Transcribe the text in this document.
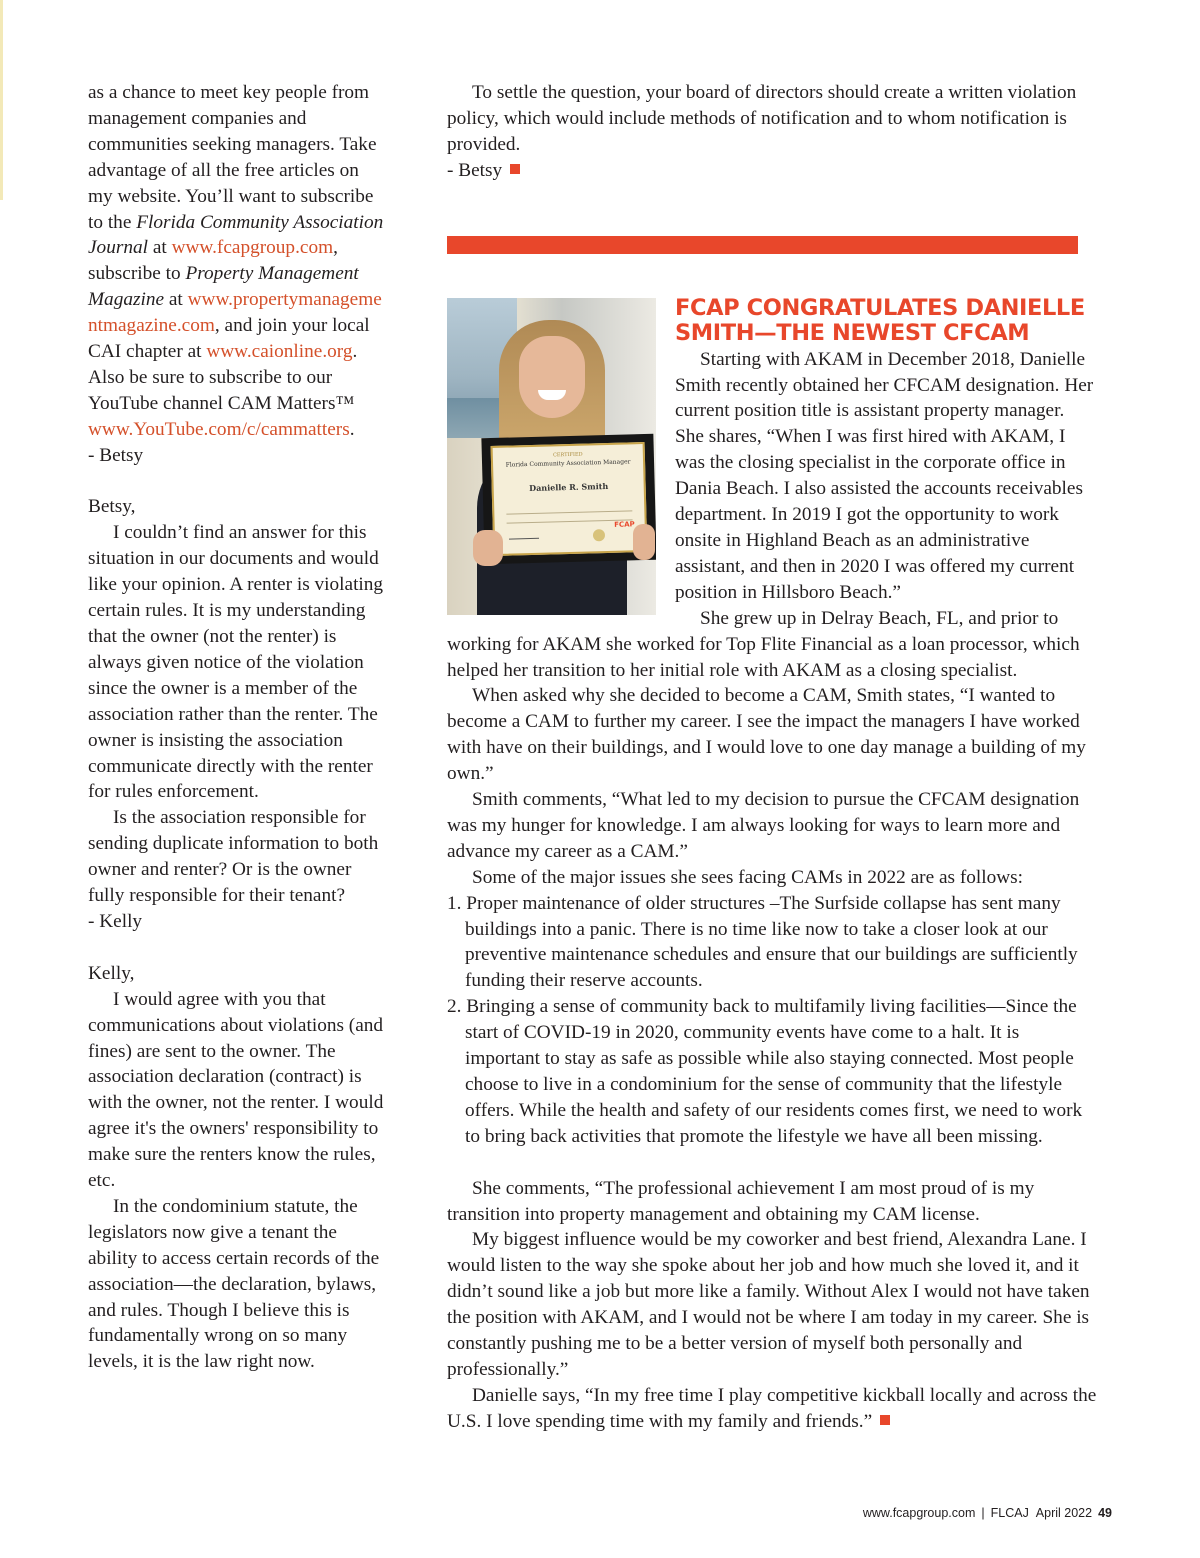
as a chance to meet key people from management companies and communities seeking managers. Take advantage of all the free articles on my website. You’ll want to subscribe to the Florida Community Association Journal at www.fcapgroup.com, subscribe to Property Management Magazine at www.propertymanagementmagazine.com, and join your local CAI chapter at www.caionline.org. Also be sure to subscribe to our YouTube channel CAM Matters™ www.YouTube.com/c/cammatters.

- Betsy

Betsy,

I couldn’t find an answer for this situation in our documents and would like your opinion. A renter is violating certain rules. It is my understanding that the owner (not the renter) is always given notice of the violation since the owner is a member of the association rather than the renter. The owner is insisting the association communicate directly with the renter for rules enforcement.

Is the association responsible for sending duplicate information to both owner and renter? Or is the owner fully responsible for their tenant?

- Kelly

Kelly,

I would agree with you that communications about violations (and fines) are sent to the owner. The association declaration (contract) is with the owner, not the renter. I would agree it's the owners' responsibility to make sure the renters know the rules, etc.

In the condominium statute, the legislators now give a tenant the ability to access certain records of the association—the declaration, bylaws, and rules. Though I believe this is fundamentally wrong on so many levels, it is the law right now.

To settle the question, your board of directors should create a written violation policy, which would include methods of notification and to whom notification is provided.

- Betsy

CERTIFIED
Florida Community Association Manager
Danielle R. Smith
FCAP
FCAP CONGRATULATES DANIELLE SMITH—THE NEWEST CFCAM

Starting with AKAM in December 2018, Danielle Smith recently obtained her CFCAM designation. Her current position title is assistant property manager. She shares, “When I was first hired with AKAM, I was the closing specialist in the corporate office in Dania Beach. I also assisted the accounts receivables department. In 2019 I got the opportunity to work onsite in Highland Beach as an administrative assistant, and then in 2020 I was offered my current position in Hillsboro Beach.”

She grew up in Delray Beach, FL, and prior to working for AKAM she worked for Top Flite Financial as a loan processor, which helped her transition to her initial role with AKAM as a closing specialist.

When asked why she decided to become a CAM, Smith states, “I wanted to become a CAM to further my career. I see the impact the managers I have worked with have on their buildings, and I would love to one day manage a building of my own.”

Smith comments, “What led to my decision to pursue the CFCAM designation was my hunger for knowledge. I am always looking for ways to learn more and advance my career as a CAM.”

Some of the major issues she sees facing CAMs in 2022 are as follows:

1. Proper maintenance of older structures –The Surfside collapse has sent many buildings into a panic. There is no time like now to take a closer look at our preventive maintenance schedules and ensure that our buildings are sufficiently funding their reserve accounts.
2. Bringing a sense of community back to multifamily living facilities—Since the start of COVID-19 in 2020, community events have come to a halt. It is important to stay as safe as possible while also staying connected. Most people choose to live in a condominium for the sense of community that the lifestyle offers. While the health and safety of our residents comes first, we need to work to bring back activities that promote the lifestyle we have all been missing.

She comments, “The professional achievement I am most proud of is my transition into property management and obtaining my CAM license.

My biggest influence would be my coworker and best friend, Alexandra Lane. I would listen to the way she spoke about her job and how much she loved it, and it didn’t sound like a job but more like a family. Without Alex I would not have taken the position with AKAM, and I would not be where I am today in my career. She is constantly pushing me to be a better version of myself both personally and professionally.”

Danielle says, “In my free time I play competitive kickball locally and across the U.S. I love spending time with my family and friends.”

www.fcapgroup.com | FLCAJ April 2022 49
